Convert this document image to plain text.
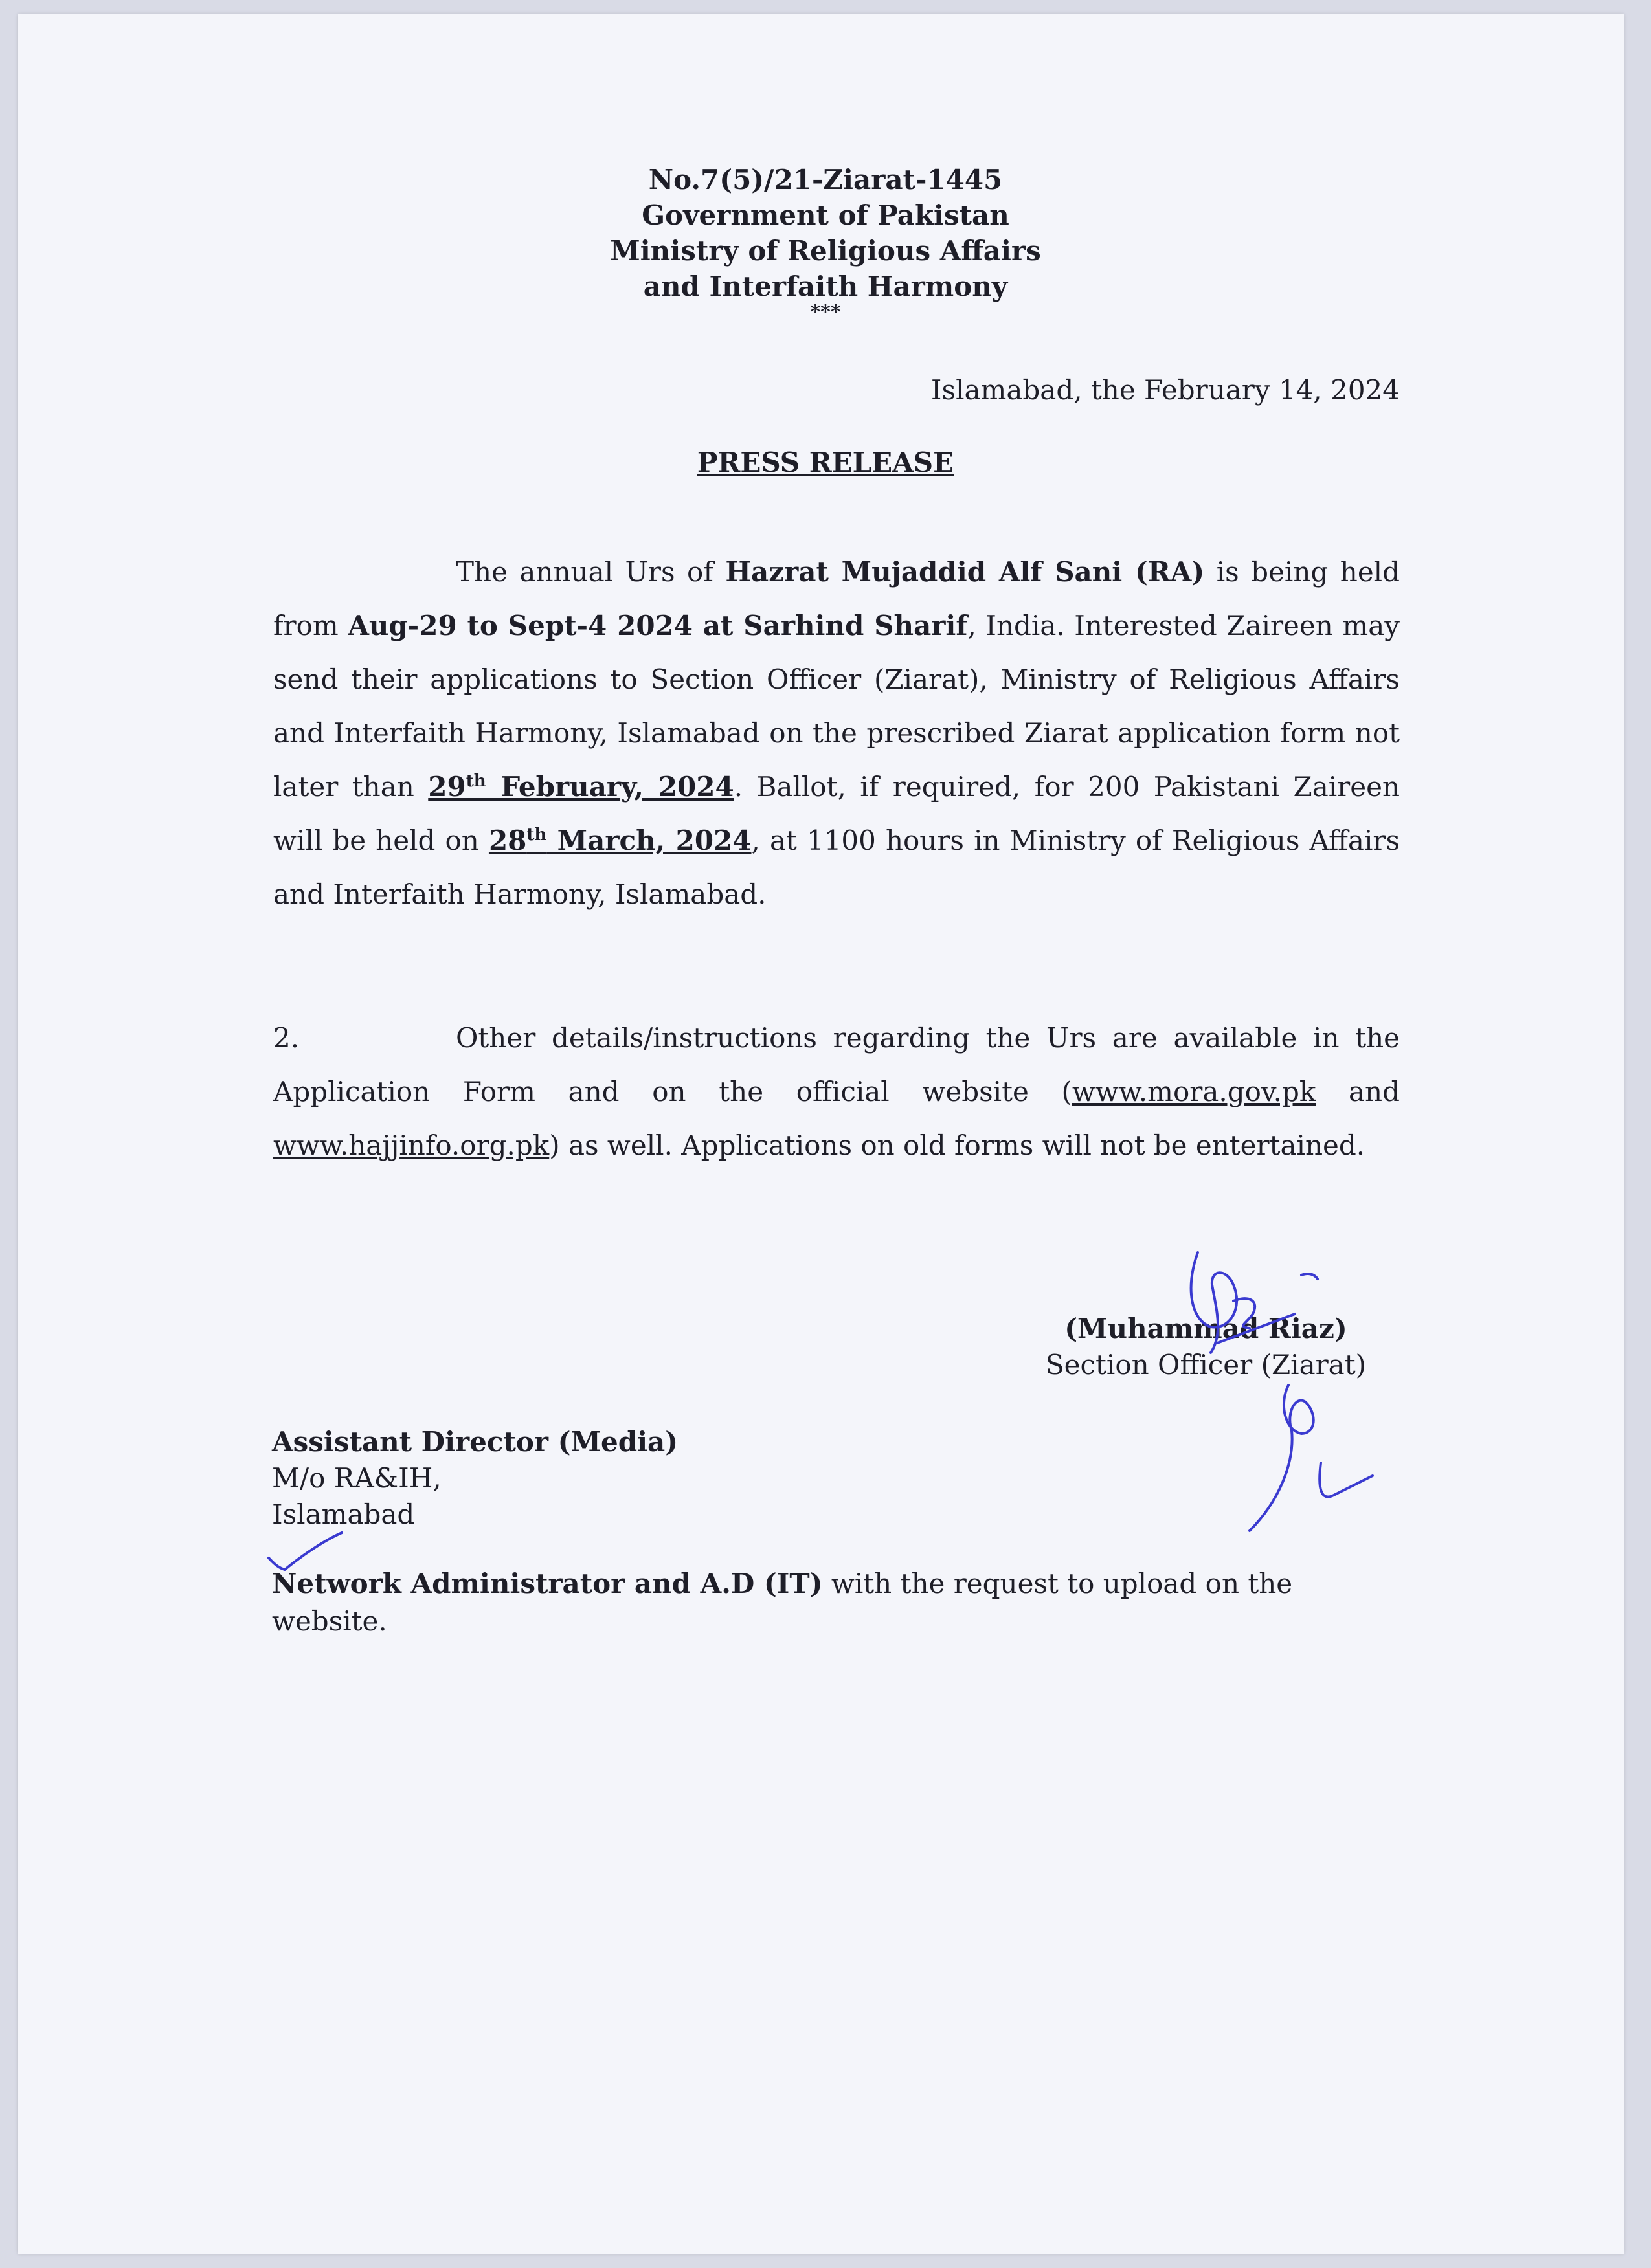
No.7(5)/21-Ziarat-1445
Government of Pakistan
Ministry of Religious Affairs
and Interfaith Harmony
***
Islamabad, the February 14, 2024
PRESS RELEASE
The annual Urs of Hazrat Mujaddid Alf Sani (RA) is being held from Aug-29 to Sept-4 2024 at Sarhind Sharif, India. Interested Zaireen may send their applications to Section Officer (Ziarat), Ministry of Religious Affairs and Interfaith Harmony, Islamabad on the prescribed Ziarat application form not later than 29th February, 2024. Ballot, if required, for 200 Pakistani Zaireen will be held on 28th March, 2024, at 1100 hours in Ministry of Religious Affairs and Interfaith Harmony, Islamabad.
2.	Other details/instructions regarding the Urs are available in the Application Form and on the official website (www.mora.gov.pk and www.hajjinfo.org.pk) as well. Applications on old forms will not be entertained.
(Muhammad Riaz)
Section Officer (Ziarat)
Assistant Director (Media)
M/o RA&IH,
Islamabad
Network Administrator and A.D (IT) with the request to upload on the website.
